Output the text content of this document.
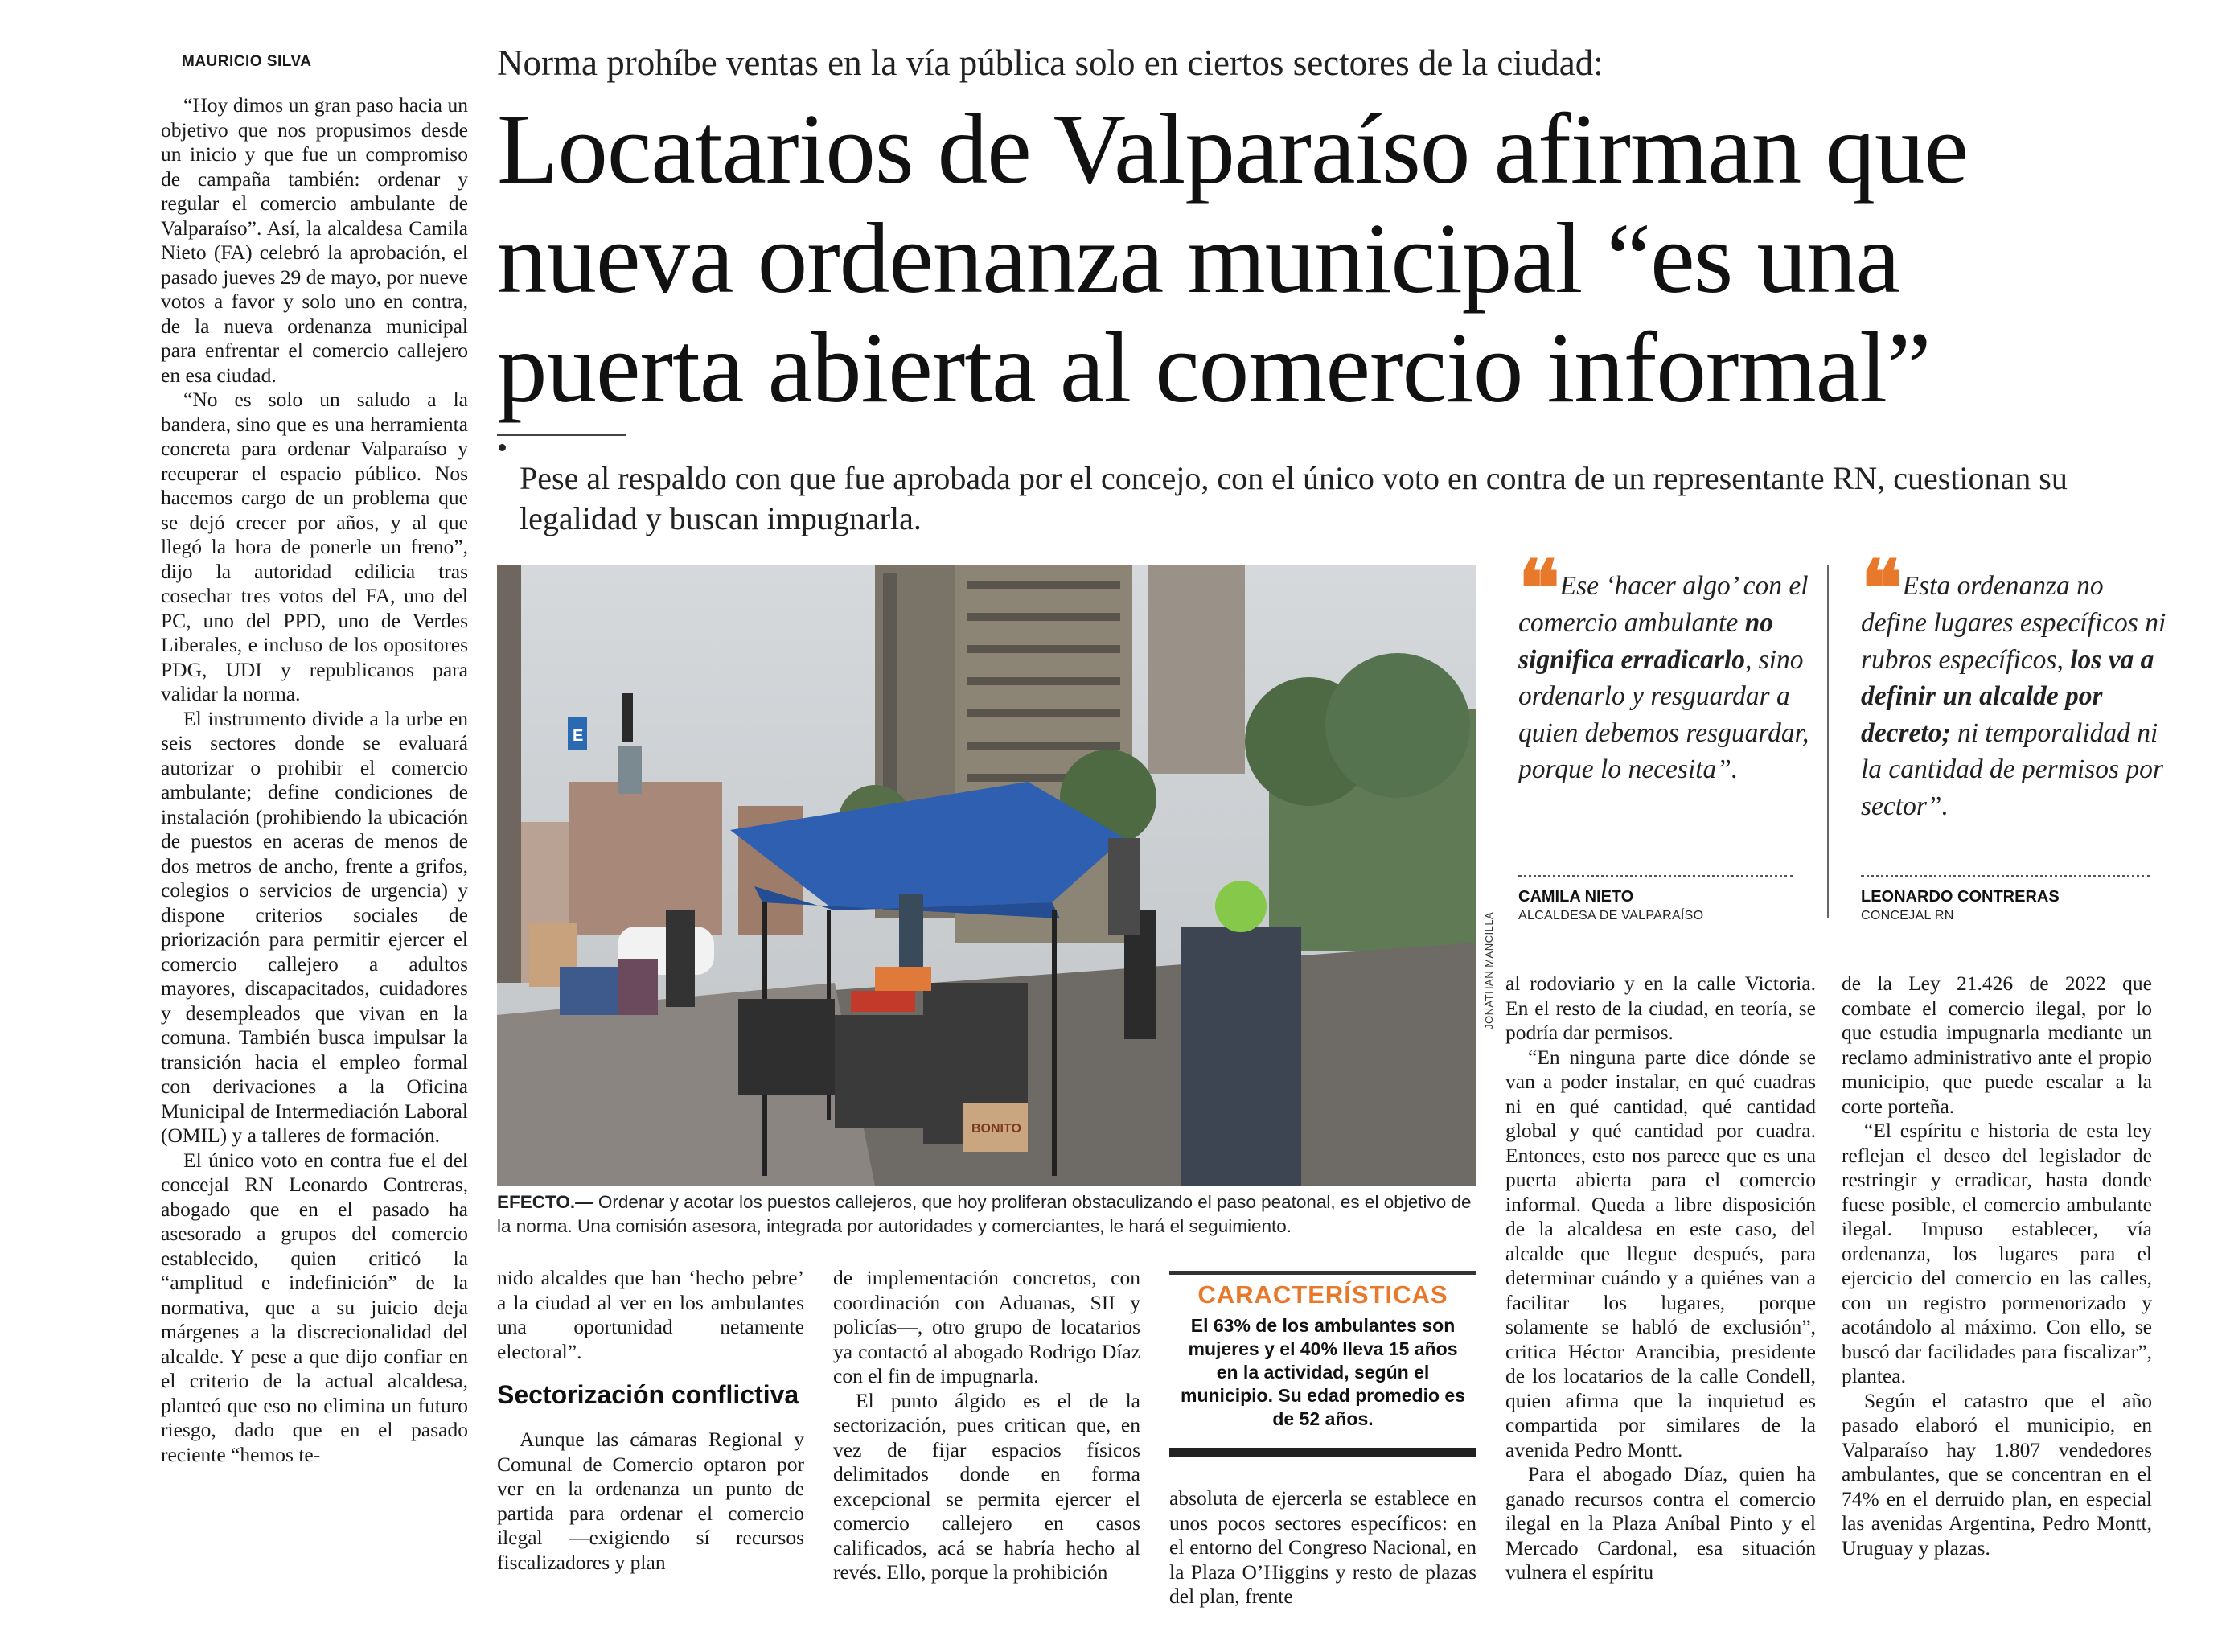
MAURICIO SILVA	Norma prohíbe ventas en la vía pública solo en ciertos sectores de la ciudad:
Locatarios de Valparaíso afirman que
nueva ordenanza municipal “es una
puerta abierta al comercio informal”
Pese al respaldo con que fue aprobada por el concejo, con el único voto en contra de un representante RN, cuestionan su legalidad y buscan impugnarla.

“Hoy dimos un gran paso hacia un objetivo que nos propusimos desde un inicio y que fue un compromiso de campaña también: ordenar y regular el comercio ambulante de Valparaíso”. Así, la alcaldesa Camila Nieto (FA) celebró la aprobación, el pasado jueves 29 de mayo, por nueve votos a favor y solo uno en contra, de la nueva ordenanza municipal para enfrentar el comercio callejero en esa ciudad.

“No es solo un saludo a la bandera, sino que es una herramienta concreta para ordenar Valparaíso y recuperar el espacio público. Nos hacemos cargo de un problema que se dejó crecer por años, y al que llegó la hora de ponerle un freno”, dijo la autoridad edilicia tras cosechar tres votos del FA, uno del PC, uno del PPD, uno de Verdes Liberales, e incluso de los opositores PDG, UDI y republicanos para validar la norma.

El instrumento divide a la urbe en seis sectores donde se evaluará autorizar o prohibir el comercio ambulante; define condiciones de instalación (prohibiendo la ubicación de puestos en aceras de menos de dos metros de ancho, frente a grifos, colegios o servicios de urgencia) y dispone criterios sociales de priorización para permitir ejercer el comercio callejero a adultos mayores, discapacitados, cuidadores y desempleados que vivan en la comuna. También busca impulsar la transición hacia el empleo formal con derivaciones a la Oficina Municipal de Intermediación Laboral (OMIL) y a talleres de formación.

El único voto en contra fue el del concejal RN Leonardo Contreras, abogado que en el pasado ha asesorado a grupos del comercio establecido, quien criticó la “amplitud e indefinición” de la normativa, que a su juicio deja márgenes a la discrecionalidad del alcalde. Y pese a que dijo confiar en el criterio de la actual alcaldesa, planteó que eso no elimina un futuro riesgo, dado que en el pasado reciente “hemos te-

BONITO
E
JONATHAN MANCILLA
EFECTO.— Ordenar y acotar los puestos callejeros, que hoy proliferan obstaculizando el paso peatonal, es el objetivo de la norma. Una comisión asesora, integrada por autoridades y comerciantes, le hará el seguimiento.
❝ Ese ‘hacer algo’ con el comercio ambulante no significa erradicarlo, sino ordenarlo y resguardar a quien debemos resguardar, porque lo necesita”.
CAMILA NIETO
ALCALDESA DE VALPARAÍSO
❝ Esta ordenanza no define lugares específicos ni rubros específicos, los va a definir un alcalde por decreto; ni temporalidad ni la cantidad de permisos por sector”.
LEONARDO CONTRERAS
CONCEJAL RN

nido alcaldes que han ‘hecho pebre’ a la ciudad al ver en los ambulantes una oportunidad netamente electoral”.

Sectorización conflictiva

Aunque las cámaras Regional y Comunal de Comercio optaron por ver en la ordenanza un punto de partida para ordenar el comercio ilegal —exigiendo sí recursos fiscalizadores y plan

de implementación concretos, con coordinación con Aduanas, SII y policías—, otro grupo de locatarios ya contactó al abogado Rodrigo Díaz con el fin de impugnarla.

El punto álgido es el de la sectorización, pues critican que, en vez de fijar espacios físicos delimitados donde en forma excepcional se permita ejercer el comercio callejero en casos calificados, acá se habría hecho al revés. Ello, porque la prohibición

CARACTERÍSTICAS
El 63% de los ambulantes son mujeres y el 40% lleva 15 años en la actividad, según el municipio. Su edad promedio es de 52 años.

absoluta de ejercerla se establece en unos pocos sectores específicos: en el entorno del Congreso Nacional, en la Plaza O’Higgins y resto de plazas del plan, frente

al rodoviario y en la calle Victoria. En el resto de la ciudad, en teoría, se podría dar permisos.

“En ninguna parte dice dónde se van a poder instalar, en qué cuadras ni en qué cantidad, qué cantidad global y qué cantidad por cuadra. Entonces, esto nos parece que es una puerta abierta para el comercio informal. Queda a libre disposición de la alcaldesa en este caso, del alcalde que llegue después, para determinar cuándo y a quiénes van a facilitar los lugares, porque solamente se habló de exclusión”, critica Héctor Arancibia, presidente de los locatarios de la calle Condell, quien afirma que la inquietud es compartida por similares de la avenida Pedro Montt.

Para el abogado Díaz, quien ha ganado recursos contra el comercio ilegal en la Plaza Aníbal Pinto y el Mercado Cardonal, esa situación vulnera el espíritu

de la Ley 21.426 de 2022 que combate el comercio ilegal, por lo que estudia impugnarla mediante un reclamo administrativo ante el propio municipio, que puede escalar a la corte porteña.

“El espíritu e historia de esta ley reflejan el deseo del legislador de restringir y erradicar, hasta donde fuese posible, el comercio ambulante ilegal. Impuso establecer, vía ordenanza, los lugares para el ejercicio del comercio en las calles, con un registro pormenorizado y acotándolo al máximo. Con ello, se buscó dar facilidades para fiscalizar”, plantea.

Según el catastro que el año pasado elaboró el municipio, en Valparaíso hay 1.807 vendedores ambulantes, que se concentran en el 74% en el derruido plan, en especial las avenidas Argentina, Pedro Montt, Uruguay y plazas.
